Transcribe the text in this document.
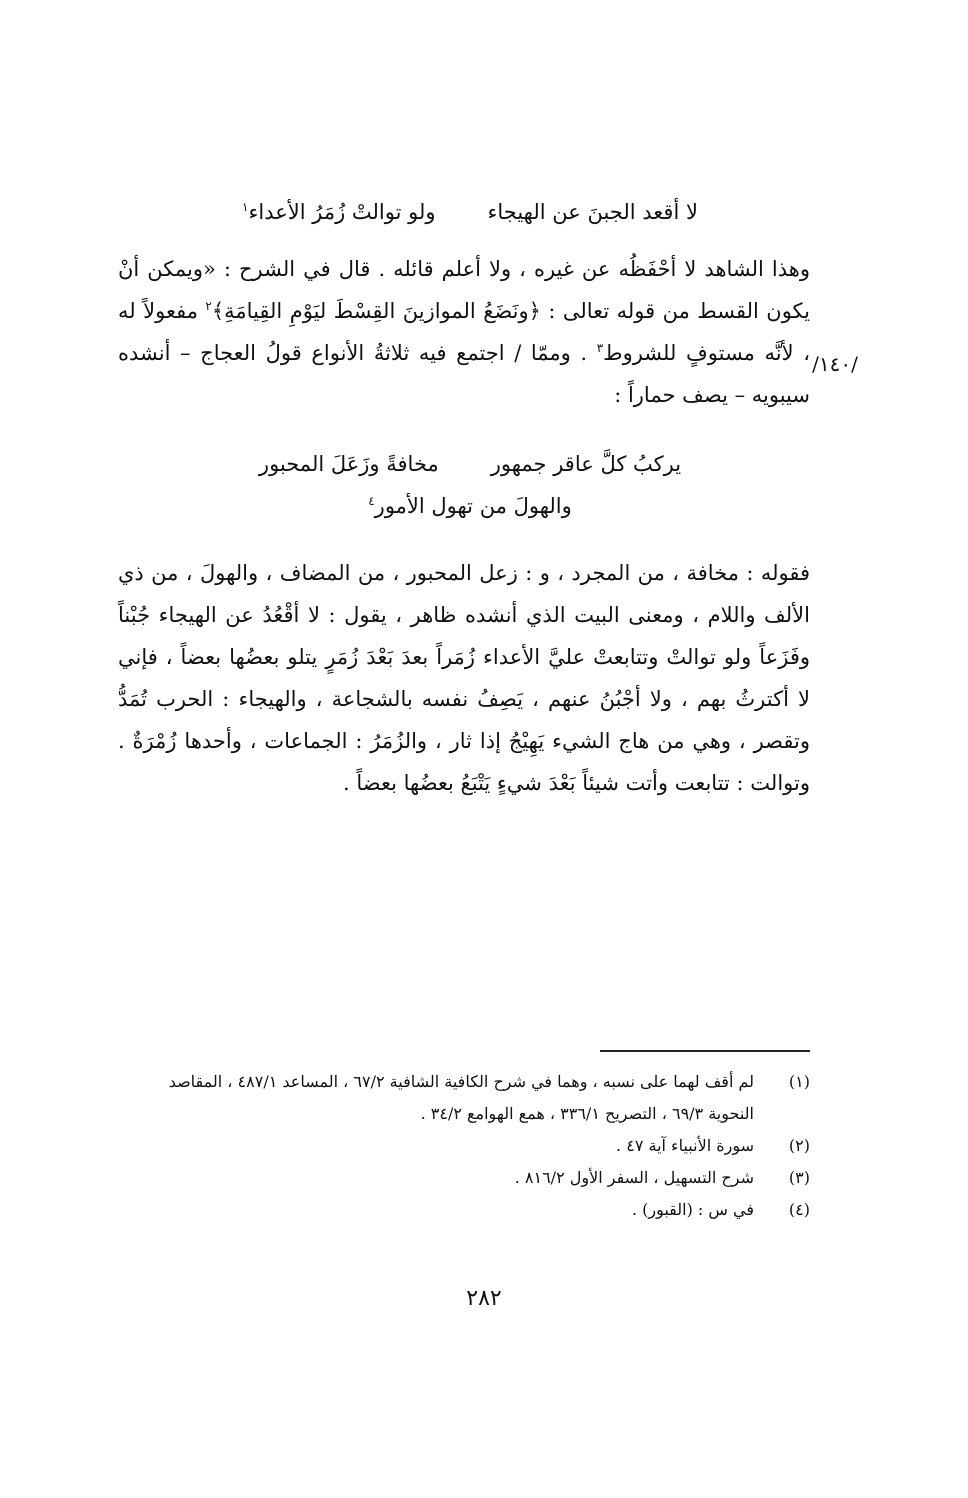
لا أقعد الجبنَ عن الهيجاءولو توالتْ زُمَرُ الأعداء$^١$
وهذا الشاهد لا أحْفَظُه عن غيره ، ولا أعلم قائله . قال في الشرح : «ويمكن أنْ يكون القسط من قوله تعالى : ﴿ونَضَعُ الموازينَ القِسْطَ ليَوْمِ القِيامَةِ﴾$^٢$ مفعولاً له ، لأنَّه مستوفٍ للشروط$^٣$ . وممّا / اجتمع فيه ثلاثةُ الأنواع قولُ العجاج – أنشده سيبويه – يصف حماراً :
/١٤٠/
يركبُ كلَّ عاقر جمهورمخافةً وزَعَلَ المحبور
والهولَ من تهول الأمور$^٤$
فقوله : مخافة ، من المجرد ، و : زعل المحبور ، من المضاف ، والهولَ ، من ذي الألف واللام ، ومعنى البيت الذي أنشده ظاهر ، يقول : لا أقْعُدُ عن الهيجاء جُبْناً وفَزَعاً ولو توالتْ وتتابعتْ عليَّ الأعداء زُمَراً بعدَ بَعْدَ زُمَرٍ يتلو بعضُها بعضاً ، فإني لا أكترثُ بهم ، ولا أجْبُنُ عنهم ، يَصِفُ نفسه بالشجاعة ، والهيجاء : الحرب تُمَدُّ وتقصر ، وهي من هاج الشيء يَهِيْجُ إذا ثار ، والزُمَرُ : الجماعات ، وأحدها زُمْرَةٌ . وتوالت : تتابعت وأتت شيئاً بَعْدَ شيءٍ يَتْبَعُ بعضُها بعضاً .
(١)
لم أقف لهما على نسبه ، وهما في شرح الكافية الشافية ٦٧/٢ ، المساعد ٤٨٧/١ ، المقاصد النحوية ٦٩/٣ ، التصريح ٣٣٦/١ ، همع الهوامع ٣٤/٢ .
(٢)
سورة الأنبياء آية ٤٧ .
(٣)
شرح التسهيل ، السفر الأول ٨١٦/٢ .
(٤)
في س : (القبور) .
٢٨٢
